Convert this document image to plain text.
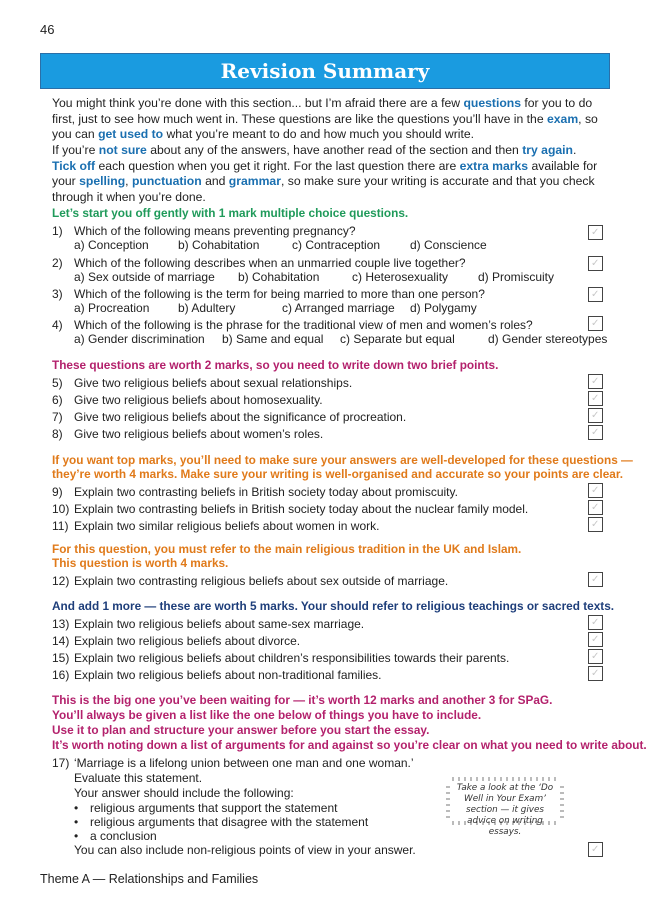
46
Revision Summary
You might think you’re done with this section... but I’m afraid there are a few questions for you to do first, just to see how much went in. These questions are like the questions you’ll have in the exam, so you can get used to what you’re meant to do and how much you should write.
If you’re not sure about any of the answers, have another read of the section and then try again. Tick off each question when you get it right. For the last question there are extra marks available for your spelling, punctuation and grammar, so make sure your writing is accurate and that you check through it when you’re done.
Let’s start you off gently with 1 mark multiple choice questions.
1) Which of the following means preventing pregnancy?
a) Conception b) Cohabitation	c) Contraception d) Conscience
✓
2) Which of the following describes when an unmarried couple live together?
a) Sex outside of marriage b) Cohabitation	c) Heterosexuality d) Promiscuity
✓
3) Which of the following is the term for being married to more than one person?
a) Procreation b) Adultery	c) Arranged marriage d) Polygamy
✓
4) Which of the following is the phrase for the traditional view of men and women’s roles?
a) Gender discrimination b) Same and equal c) Separate but equal	d) Gender stereotypes
✓
These questions are worth 2 marks, so you need to write down two brief points.
5) Give two religious beliefs about sexual relationships.	✓
6) Give two religious beliefs about homosexuality.	✓
7) Give two religious beliefs about the significance of procreation.	✓
8) Give two religious beliefs about women’s roles.	✓
If you want top marks, you’ll need to make sure your answers are well-developed for these questions —
they’re worth 4 marks. Make sure your writing is well-organised and accurate so your points are clear.
9) Explain two contrasting beliefs in British society today about promiscuity.	✓
10) Explain two contrasting beliefs in British society today about the nuclear family model.	✓
11) Explain two similar religious beliefs about women in work.	✓
For this question, you must refer to the main religious tradition in the UK and Islam.
This question is worth 4 marks.
12) Explain two contrasting religious beliefs about sex outside of marriage.	✓
And add 1 more — these are worth 5 marks. Your should refer to religious teachings or sacred texts.
13) Explain two religious beliefs about same-sex marriage.	✓
14) Explain two religious beliefs about divorce.	✓
15) Explain two religious beliefs about children’s responsibilities towards their parents.	✓
16) Explain two religious beliefs about non-traditional families.	✓
This is the big one you’ve been waiting for — it’s worth 12 marks and another 3 for SPaG.
You’ll always be given a list like the one below of things you have to include.
Use it to plan and structure your answer before you start the essay.
It’s worth noting down a list of arguments for and against so you’re clear on what you need to write about.
17) ‘Marriage is a lifelong union between one man and one woman.’
Evaluate this statement.
Your answer should include the following:
• religious arguments that support the statement
• religious arguments that disagree with the statement
• a conclusion
You can also include non-religious points of view in your answer.	✓
Take a look at the ‘Do Well in Your Exam’ section — it gives advice on writing essays.
Theme A — Relationships and Families
